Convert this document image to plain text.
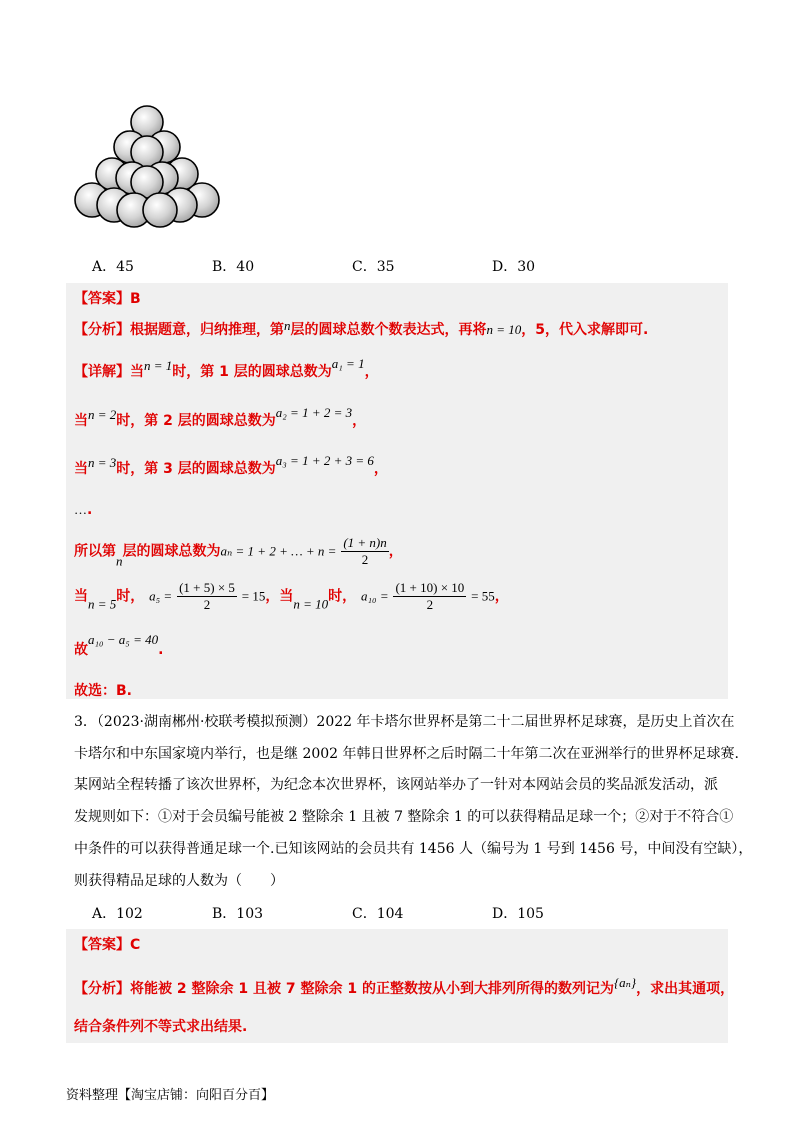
A．45	B．40	C．35	D．30
【答案】B
【分析】根据题意，归纳推理，第n层的圆球总数个数表达式，再将n = 10，5，代入求解即可.
【详解】当n = 1时，第 1 层的圆球总数为a₁ = 1，
当n = 2时，第 2 层的圆球总数为a₂ = 1 + 2 = 3，
当n = 3时，第 3 层的圆球总数为a₃ = 1 + 2 + 3 = 6，
….
所以第n层的圆球总数为aₙ = 1 + 2 + … + $n = \frac{(1 + n)n}{2}$ ，
当n = 5时， $a_5 = \frac{(1 + 5) \times 5}{2} = 15$，当n = 10时， $a_{10} = \frac{(1 + 10) \times 10}{2} = 55$，
故a₁₀ − a₅ = 40.
故选：B.
3．（2023·湖南郴州·校联考模拟预测）2022 年卡塔尔世界杯是第二十二届世界杯足球赛，是历史上首次在
卡塔尔和中东国家境内举行，也是继 2002 年韩日世界杯之后时隔二十年第二次在亚洲举行的世界杯足球赛.
某网站全程转播了该次世界杯，为纪念本次世界杯，该网站举办了一针对本网站会员的奖品派发活动，派
发规则如下：①对于会员编号能被 2 整除余 1 且被 7 整除余 1 的可以获得精品足球一个；②对于不符合①
中条件的可以获得普通足球一个.已知该网站的会员共有 1456 人（编号为 1 号到 1456 号，中间没有空缺），
则获得精品足球的人数为（　　）
A．102	B．103	C．104	D．105
【答案】C
【分析】将能被 2 整除余 1 且被 7 整除余 1 的正整数按从小到大排列所得的数列记为{aₙ}，求出其通项，
结合条件列不等式求出结果.
资料整理【淘宝店铺：向阳百分百】
